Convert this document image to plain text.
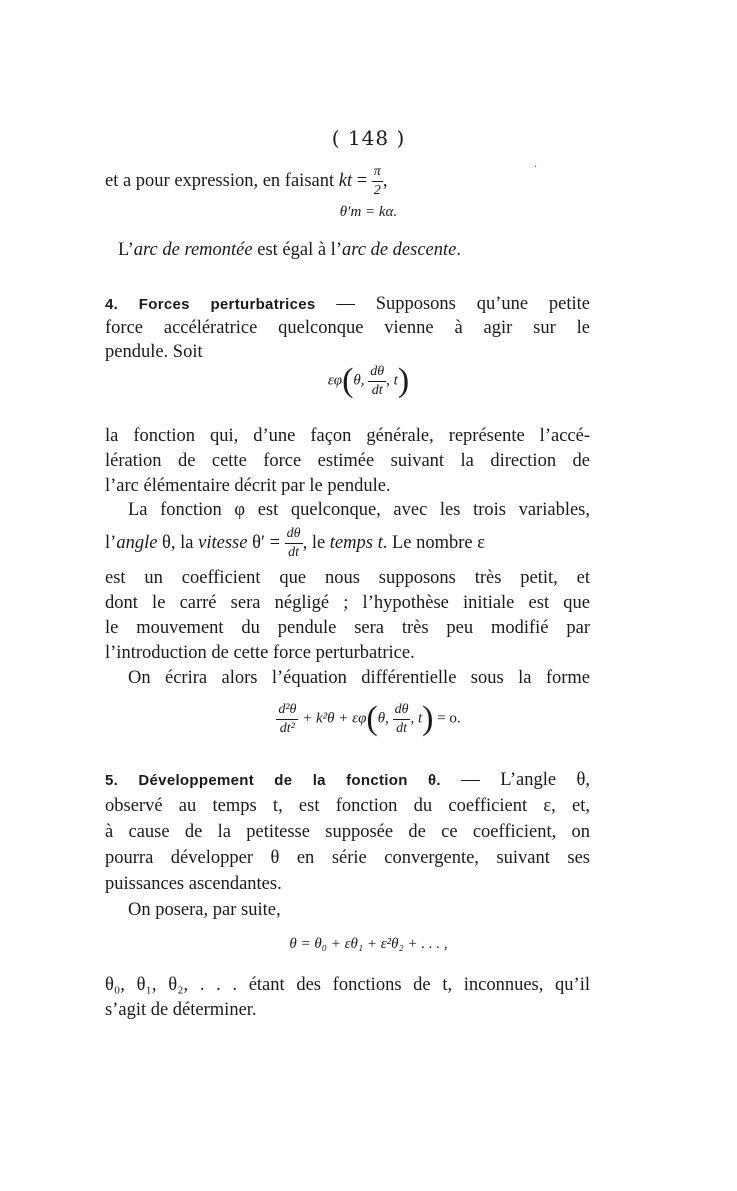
( 148 )
·
et a pour expression, en faisant kt = $\frac{\pi}{2}$ ,
θ′m = kα.
L’arc de remontée est égal à l’arc de descente.
4. Forces perturbatrices — Supposons qu’une petite
force accélératrice quelconque vienne à agir sur le
pendule. Soit
εφ(θ, $\frac{d\theta}{dt}$ , t)
la fonction qui, d’une façon générale, représente l’accé-
lération de cette force estimée suivant la direction de
l’arc élémentaire décrit par le pendule.
La fonction φ est quelconque, avec les trois variables,
l’angle θ, la vitesse $\theta' = \frac{d\theta}{dt}$ , le temps t. Le nombre ε
est un coefficient que nous supposons très petit, et
dont le carré sera négligé ; l’hypothèse initiale est que
le mouvement du pendule sera très peu modifié par
l’introduction de cette force perturbatrice.
On écrira alors l’équation différentielle sous la forme
$\frac{\text{d²θ}}{\text{dt²}} + k^2\theta + \varepsilon\varphi(\theta$, $\frac{d\theta}{dt}$ , t) = o.
5. Développement de la fonction θ. — L’angle θ,
observé au temps t, est fonction du coefficient ε, et,
à cause de la petitesse supposée de ce coefficient, on
pourra développer θ en série convergente, suivant ses
puissances ascendantes.
On posera, par suite,
θ = θ₀ + εθ₁ + ε²θ₂ + . . . ,
θ₀, θ₁, θ₂, . . . étant des fonctions de t, inconnues, qu’il
s’agit de déterminer.
